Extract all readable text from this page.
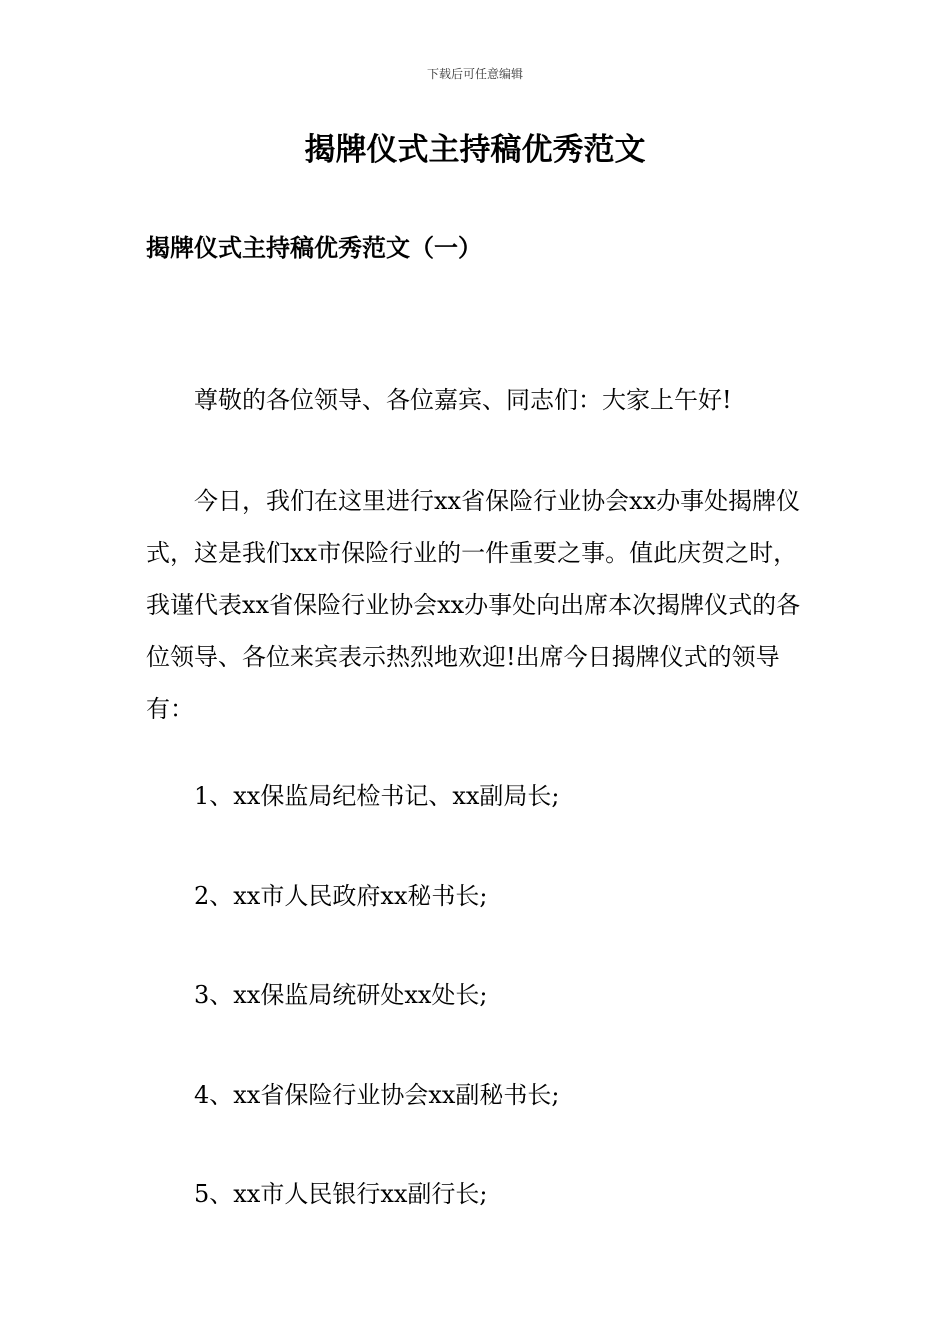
下载后可任意编辑
揭牌仪式主持稿优秀范文
揭牌仪式主持稿优秀范文（一）

尊敬的各位领导、各位嘉宾、同志们：大家上午好!

今日，我们在这里进行xx省保险行业协会xx办事处揭牌仪式，这是我们xx市保险行业的一件重要之事。值此庆贺之时，我谨代表xx省保险行业协会xx办事处向出席本次揭牌仪式的各位领导、各位来宾表示热烈地欢迎!出席今日揭牌仪式的领导有：

1、xx保监局纪检书记、xx副局长;

2、xx市人民政府xx秘书长;

3、xx保监局统研处xx处长;

4、xx省保险行业协会xx副秘书长;

5、xx市人民银行xx副行长;
